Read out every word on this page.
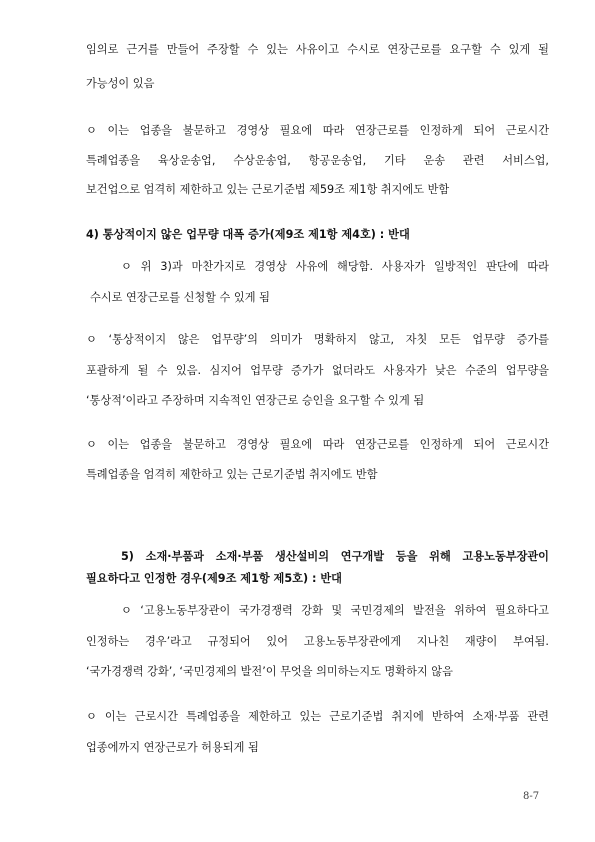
임의로 근거를 만들어 주장할 수 있는 사유이고 수시로 연장근로를 요구할 수 있게 될
가능성이 있음
ㅇ 이는 업종을 불문하고 경영상 필요에 따라 연장근로를 인정하게 되어 근로시간
특례업종을 육상운송업, 수상운송업, 항공운송업, 기타 운송 관련 서비스업,
보건업으로 엄격히 제한하고 있는 근로기준법 제59조 제1항 취지에도 반함
4) 통상적이지 않은 업무량 대폭 증가(제9조 제1항 제4호) : 반대
ㅇ 위 3)과 마찬가지로 경영상 사유에 해당함. 사용자가 일방적인 판단에 따라
수시로 연장근로를 신청할 수 있게 됨
ㅇ ‘통상적이지 않은 업무량’의 의미가 명확하지 않고, 자칫 모든 업무량 증가를
포괄하게 될 수 있음. 심지어 업무량 증가가 없더라도 사용자가 낮은 수준의 업무량을
‘통상적’이라고 주장하며 지속적인 연장근로 승인을 요구할 수 있게 됨
ㅇ 이는 업종을 불문하고 경영상 필요에 따라 연장근로를 인정하게 되어 근로시간
특례업종을 엄격히 제한하고 있는 근로기준법 취지에도 반함
5) 소재·부품과 소재·부품 생산설비의 연구개발 등을 위해 고용노동부장관이
필요하다고 인정한 경우(제9조 제1항 제5호) : 반대
ㅇ ‘고용노동부장관이 국가경쟁력 강화 및 국민경제의 발전을 위하여 필요하다고
인정하는 경우’라고 규정되어 있어 고용노동부장관에게 지나친 재량이 부여됨.
‘국가경쟁력 강화’, ‘국민경제의 발전’이 무엇을 의미하는지도 명확하지 않음
ㅇ 이는 근로시간 특례업종을 제한하고 있는 근로기준법 취지에 반하여 소재·부품 관련
업종에까지 연장근로가 허용되게 됨
8-7
